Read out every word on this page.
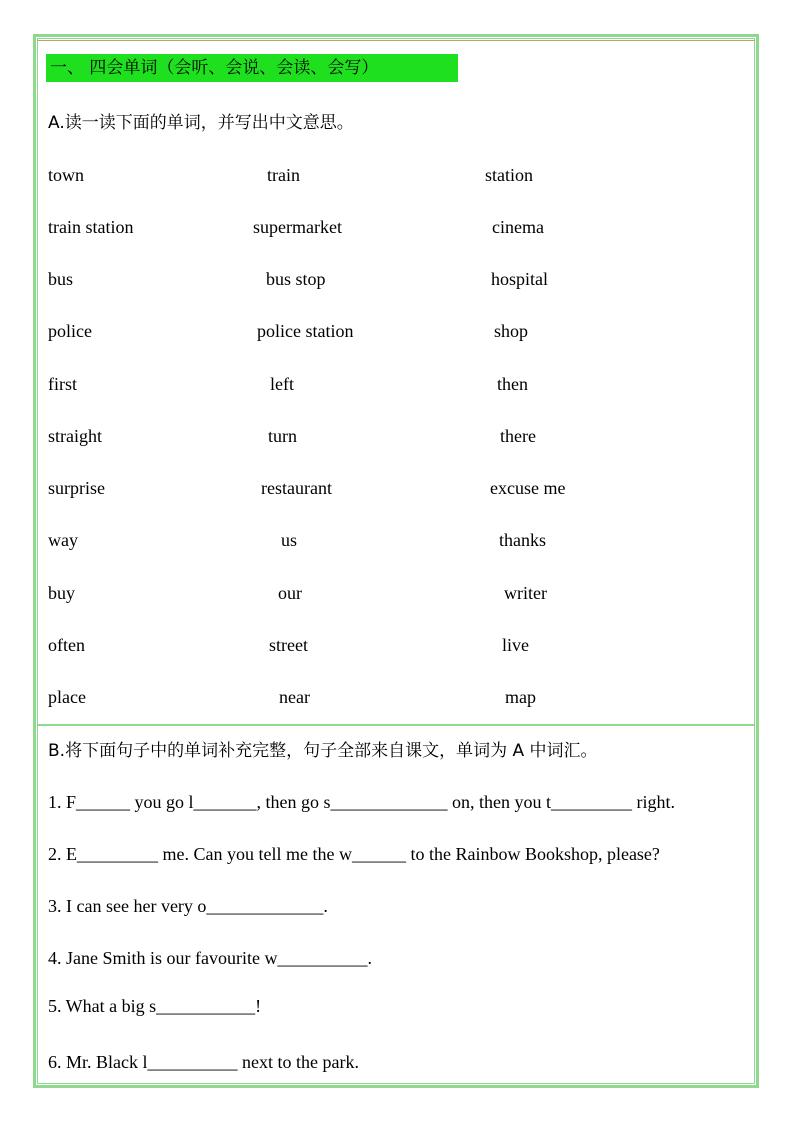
一、 四会单词（会听、会说、会读、会写）
A.读一读下面的单词，并写出中文意思。
town	train	station
train station	supermarket	cinema
bus	bus stop	hospital
police	police station	shop
first	left	then
straight	turn	there
surprise	restaurant	excuse me
way	us	thanks
buy	our	writer
often	street	live
place	near	map
B.将下面句子中的单词补充完整，句子全部来自课文，单词为 A 中词汇。
1. F______ you go l_______, then go s_____________ on, then you t_________ right.
2. E_________ me. Can you tell me the w______ to the Rainbow Bookshop, please?
3. I can see her very o_____________.
4. Jane Smith is our favourite w__________.
5. What a big s___________!
6. Mr. Black l__________ next to the park.
